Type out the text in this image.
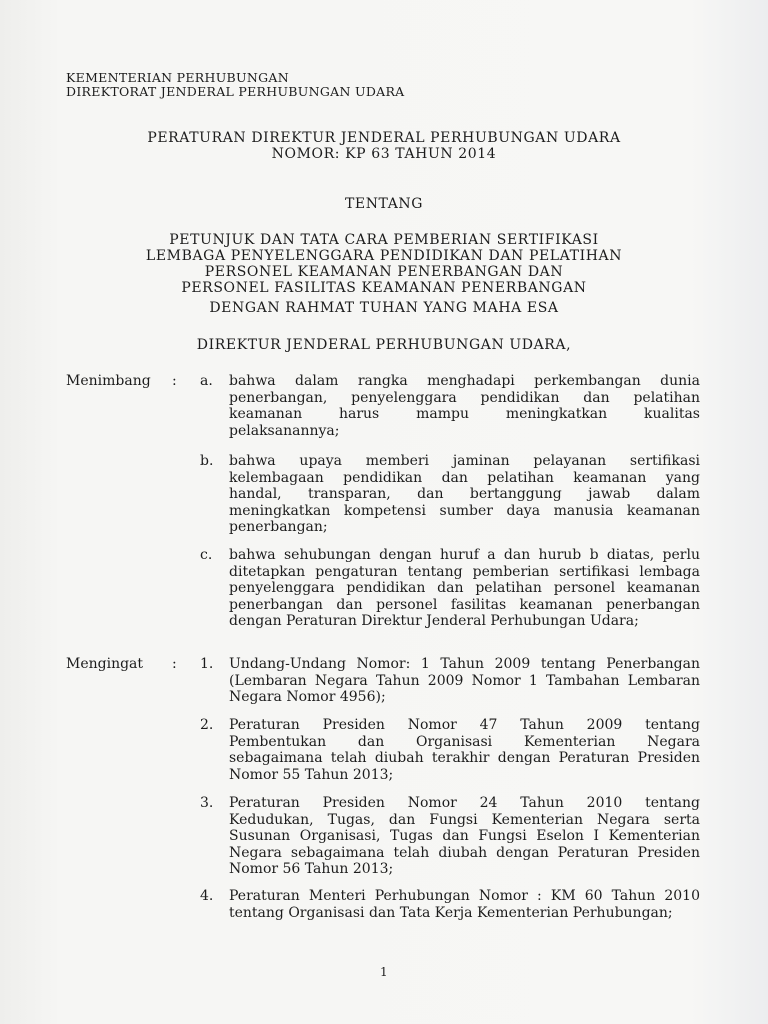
KEMENTERIAN PERHUBUNGAN
DIREKTORAT JENDERAL PERHUBUNGAN UDARA
PERATURAN DIREKTUR JENDERAL PERHUBUNGAN UDARA
NOMOR: KP 63 TAHUN 2014
TENTANG
PETUNJUK DAN TATA CARA PEMBERIAN SERTIFIKASI
LEMBAGA PENYELENGGARA PENDIDIKAN DAN PELATIHAN
PERSONEL KEAMANAN PENERBANGAN DAN
PERSONEL FASILITAS KEAMANAN PENERBANGAN
DENGAN RAHMAT TUHAN YANG MAHA ESA
DIREKTUR JENDERAL PERHUBUNGAN UDARA,
Menimbang : a. bahwa dalam rangka menghadapi perkembangan dunia
penerbangan, penyelenggara pendidikan dan pelatihan
keamanan harus mampu meningkatkan kualitas
pelaksanannya;
b. bahwa upaya memberi jaminan pelayanan sertifikasi
kelembagaan pendidikan dan pelatihan keamanan yang
handal, transparan, dan bertanggung jawab dalam
meningkatkan kompetensi sumber daya manusia keamanan
penerbangan;
c. bahwa sehubungan dengan huruf a dan hurub b diatas, perlu
ditetapkan pengaturan tentang pemberian sertifikasi lembaga
penyelenggara pendidikan dan pelatihan personel keamanan
penerbangan dan personel fasilitas keamanan penerbangan
dengan Peraturan Direktur Jenderal Perhubungan Udara;
Mengingat : 1. Undang-Undang Nomor: 1 Tahun 2009 tentang Penerbangan
(Lembaran Negara Tahun 2009 Nomor 1 Tambahan Lembaran
Negara Nomor 4956);
2. Peraturan Presiden Nomor 47 Tahun 2009 tentang
Pembentukan dan Organisasi Kementerian Negara
sebagaimana telah diubah terakhir dengan Peraturan Presiden
Nomor 55 Tahun 2013;
3. Peraturan Presiden Nomor 24 Tahun 2010 tentang
Kedudukan, Tugas, dan Fungsi Kementerian Negara serta
Susunan Organisasi, Tugas dan Fungsi Eselon I Kementerian
Negara sebagaimana telah diubah dengan Peraturan Presiden
Nomor 56 Tahun 2013;
4. Peraturan Menteri Perhubungan Nomor : KM 60 Tahun 2010
tentang Organisasi dan Tata Kerja Kementerian Perhubungan;
1
